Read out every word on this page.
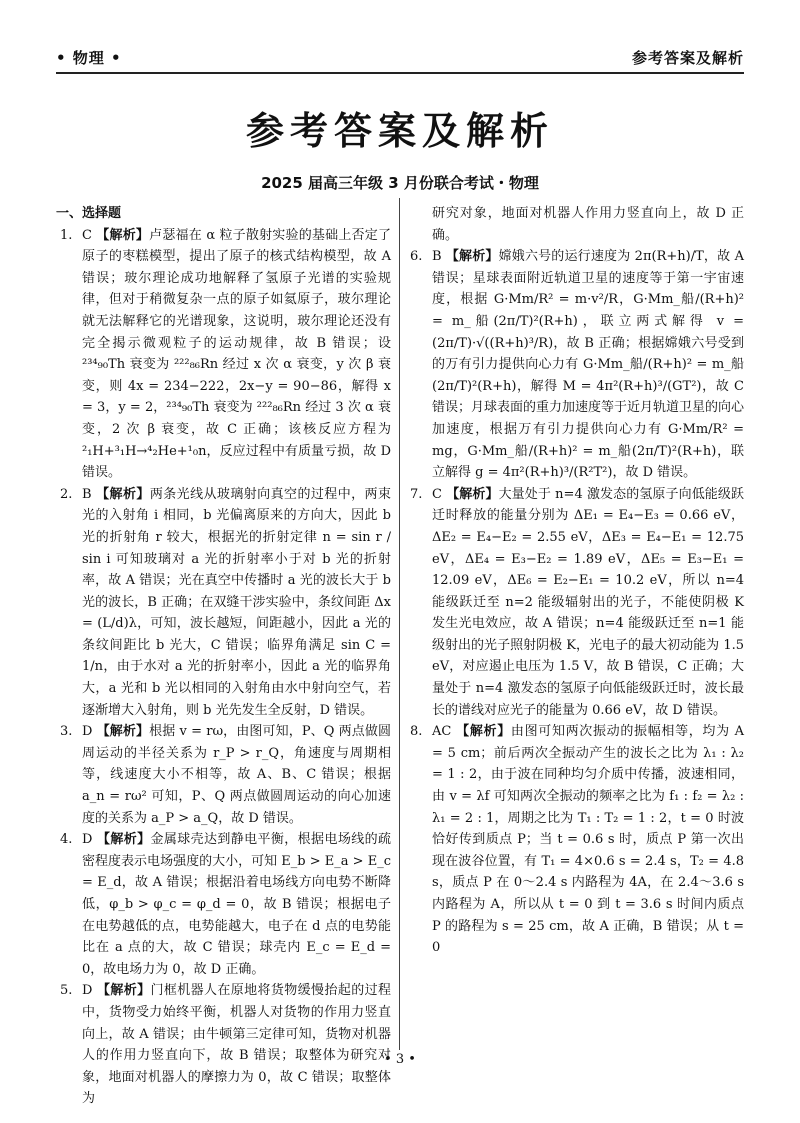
• 物理 •	参考答案及解析
参考答案及解析
2025 届高三年级 3 月份联合考试・物理
一、选择题
1. C 【解析】卢瑟福在 α 粒子散射实验的基础上否定了原子的枣糕模型，提出了原子的核式结构模型，故 A 错误；玻尔理论成功地解释了氢原子光谱的实验规律，但对于稍微复杂一点的原子如氦原子，玻尔理论就无法解释它的光谱现象，这说明，玻尔理论还没有完全揭示微观粒子的运动规律，故 B 错误；设 ²³⁴₉₀Th 衰变为 ²²²₈₆Rn 经过 x 次 α 衰变，y 次 β 衰变，则 4x = 234−222，2x−y = 90−86，解得 x = 3，y = 2，²³⁴₉₀Th 衰变为 ²²²₈₆Rn 经过 3 次 α 衰变，2 次 β 衰变，故 C 正确；该核反应方程为 ²₁H+³₁H→⁴₂He+¹₀n，反应过程中有质量亏损，故 D 错误。
2. B 【解析】两条光线从玻璃射向真空的过程中，两束光的入射角 i 相同，b 光偏离原来的方向大，因此 b 光的折射角 r 较大，根据光的折射定律 n = sin r / sin i 可知玻璃对 a 光的折射率小于对 b 光的折射率，故 A 错误；光在真空中传播时 a 光的波长大于 b 光的波长，B 正确；在双缝干涉实验中，条纹间距 Δx = (L/d)λ，可知，波长越短，间距越小，因此 a 光的条纹间距比 b 光大，C 错误；临界角满足 sin C = 1/n，由于水对 a 光的折射率小，因此 a 光的临界角大，a 光和 b 光以相同的入射角由水中射向空气，若逐渐增大入射角，则 b 光先发生全反射，D 错误。
3. D 【解析】根据 v = rω，由图可知，P、Q 两点做圆周运动的半径关系为 r_P > r_Q，角速度与周期相等，线速度大小不相等，故 A、B、C 错误；根据 a_n = rω² 可知，P、Q 两点做圆周运动的向心加速度的关系为 a_P > a_Q，故 D 错误。
4. D 【解析】金属球壳达到静电平衡，根据电场线的疏密程度表示电场强度的大小，可知 E_b > E_a > E_c = E_d，故 A 错误；根据沿着电场线方向电势不断降低，φ_b > φ_c = φ_d = 0，故 B 错误；根据电子在电势越低的点，电势能越大，电子在 d 点的电势能比在 a 点的大，故 C 错误；球壳内 E_c = E_d = 0，故电场力为 0，故 D 正确。
5. D 【解析】门框机器人在原地将货物缓慢抬起的过程中，货物受力始终平衡，机器人对货物的作用力竖直向上，故 A 错误；由牛顿第三定律可知，货物对机器人的作用力竖直向下，故 B 错误；取整体为研究对象，地面对机器人的摩擦力为 0，故 C 错误；取整体为
研究对象，地面对机器人作用力竖直向上，故 D 正确。
6. B 【解析】嫦娥六号的运行速度为 2π(R+h)/T，故 A 错误；星球表面附近轨道卫星的速度等于第一宇宙速度，根据 G·Mm/R² = m·v²/R，G·Mm_船/(R+h)² = m_船(2π/T)²(R+h)，联立两式解得 v = (2π/T)·√((R+h)³/R)，故 B 正确；根据嫦娥六号受到的万有引力提供向心力有 G·Mm_船/(R+h)² = m_船(2π/T)²(R+h)，解得 M = 4π²(R+h)³/(GT²)，故 C 错误；月球表面的重力加速度等于近月轨道卫星的向心加速度，根据万有引力提供向心力有 G·Mm/R² = mg，G·Mm_船/(R+h)² = m_船(2π/T)²(R+h)，联立解得 g = 4π²(R+h)³/(R²T²)，故 D 错误。
7. C 【解析】大量处于 n=4 激发态的氢原子向低能级跃迁时释放的能量分别为 ΔE₁ = E₄−E₃ = 0.66 eV，ΔE₂ = E₄−E₂ = 2.55 eV，ΔE₃ = E₄−E₁ = 12.75 eV，ΔE₄ = E₃−E₂ = 1.89 eV，ΔE₅ = E₃−E₁ = 12.09 eV，ΔE₆ = E₂−E₁ = 10.2 eV，所以 n=4 能级跃迁至 n=2 能级辐射出的光子，不能使阴极 K 发生光电效应，故 A 错误；n=4 能级跃迁至 n=1 能级射出的光子照射阴极 K，光电子的最大初动能为 1.5 eV，对应遏止电压为 1.5 V，故 B 错误，C 正确；大量处于 n=4 激发态的氢原子向低能级跃迁时，波长最长的谱线对应光子的能量为 0.66 eV，故 D 错误。
8. AC 【解析】由图可知两次振动的振幅相等，均为 A = 5 cm；前后两次全振动产生的波长之比为 λ₁ : λ₂ = 1 : 2，由于波在同种均匀介质中传播，波速相同，由 v = λf 可知两次全振动的频率之比为 f₁ : f₂ = λ₂ : λ₁ = 2 : 1，周期之比为 T₁ : T₂ = 1 : 2，t = 0 时波恰好传到质点 P；当 t = 0.6 s 时，质点 P 第一次出现在波谷位置，有 T₁ = 4×0.6 s = 2.4 s，T₂ = 4.8 s，质点 P 在 0～2.4 s 内路程为 4A，在 2.4～3.6 s 内路程为 A，所以从 t = 0 到 t = 3.6 s 时间内质点 P 的路程为 s = 25 cm，故 A 正确，B 错误；从 t = 0
• 3 •
